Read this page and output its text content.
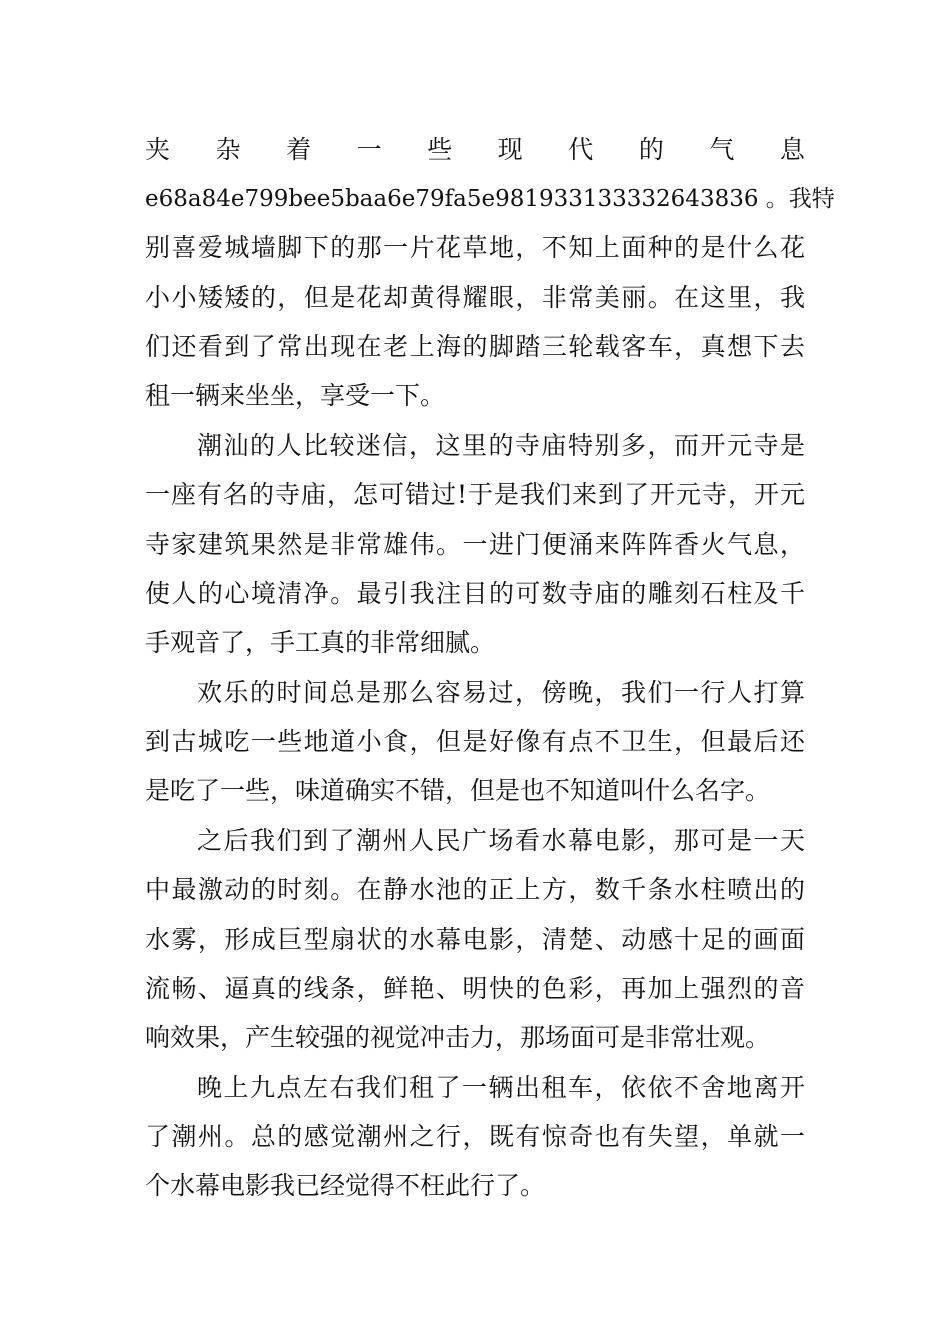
夹 杂 着 一 些 现 代 的 气 息
e68a84e799bee5baa6e79fa5e981933133332643836 。我特
别喜爱城墙脚下的那一片花草地，不知上面种的是什么花
小小矮矮的，但是花却黄得耀眼，非常美丽。在这里，我
们还看到了常出现在老上海的脚踏三轮载客车，真想下去
租一辆来坐坐，享受一下。
潮汕的人比较迷信，这里的寺庙特别多，而开元寺是
一座有名的寺庙，怎可错过!于是我们来到了开元寺，开元
寺家建筑果然是非常雄伟。一进门便涌来阵阵香火气息，
使人的心境清净。最引我注目的可数寺庙的雕刻石柱及千
手观音了，手工真的非常细腻。
欢乐的时间总是那么容易过，傍晚，我们一行人打算
到古城吃一些地道小食，但是好像有点不卫生，但最后还
是吃了一些，味道确实不错，但是也不知道叫什么名字。
之后我们到了潮州人民广场看水幕电影，那可是一天
中最激动的时刻。在静水池的正上方，数千条水柱喷出的
水雾，形成巨型扇状的水幕电影，清楚、动感十足的画面
流畅、逼真的线条，鲜艳、明快的色彩，再加上强烈的音
响效果，产生较强的视觉冲击力，那场面可是非常壮观。
晚上九点左右我们租了一辆出租车，依依不舍地离开
了潮州。总的感觉潮州之行，既有惊奇也有失望，单就一
个水幕电影我已经觉得不枉此行了。
